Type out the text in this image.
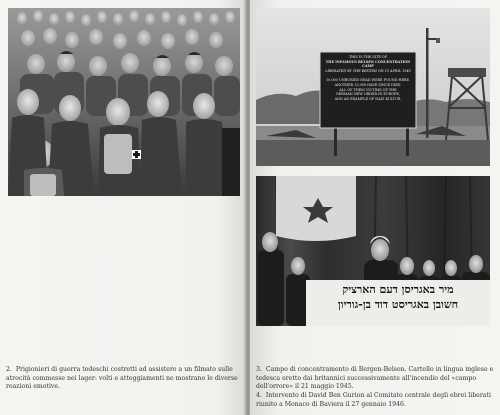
2. Prigionieri di guerra tedeschi costretti ad assistere a un filmato sulle atrocità commesse nei lager: volti e atteggiamenti ne mostrano le diverse reazioni emotive.
THIS IS THE SITE OF
THE INFAMOUS BELSEN CONCENTRATION CAMP
LIBERATED BY THE BRITISH ON 15 APRIL 1945
10,000 UNBURIED DEAD WERE FOUND HERE.
ANOTHER 13,000 HAVE SINCE DIED.
ALL OF THEM VICTIMS OF THE
GERMAN NEW ORDER IN EUROPE,
AND AN EXAMPLE OF NAZI KULTUR.
מיר באגריסן דעם הארציק
חשובן באגריסט דוד בן-גוריון
3. Campo di concentramento di Bergen-Belsen. Cartello in lingua inglese e tedesca eretto dai britannici successivamente all'incendio del «campo dell'orrore» il 21 maggio 1945.
4. Intervento di David Ben Gurion al Comitato centrale degli ebrei liberati riunito a Monaco di Baviera il 27 gennaio 1946.
